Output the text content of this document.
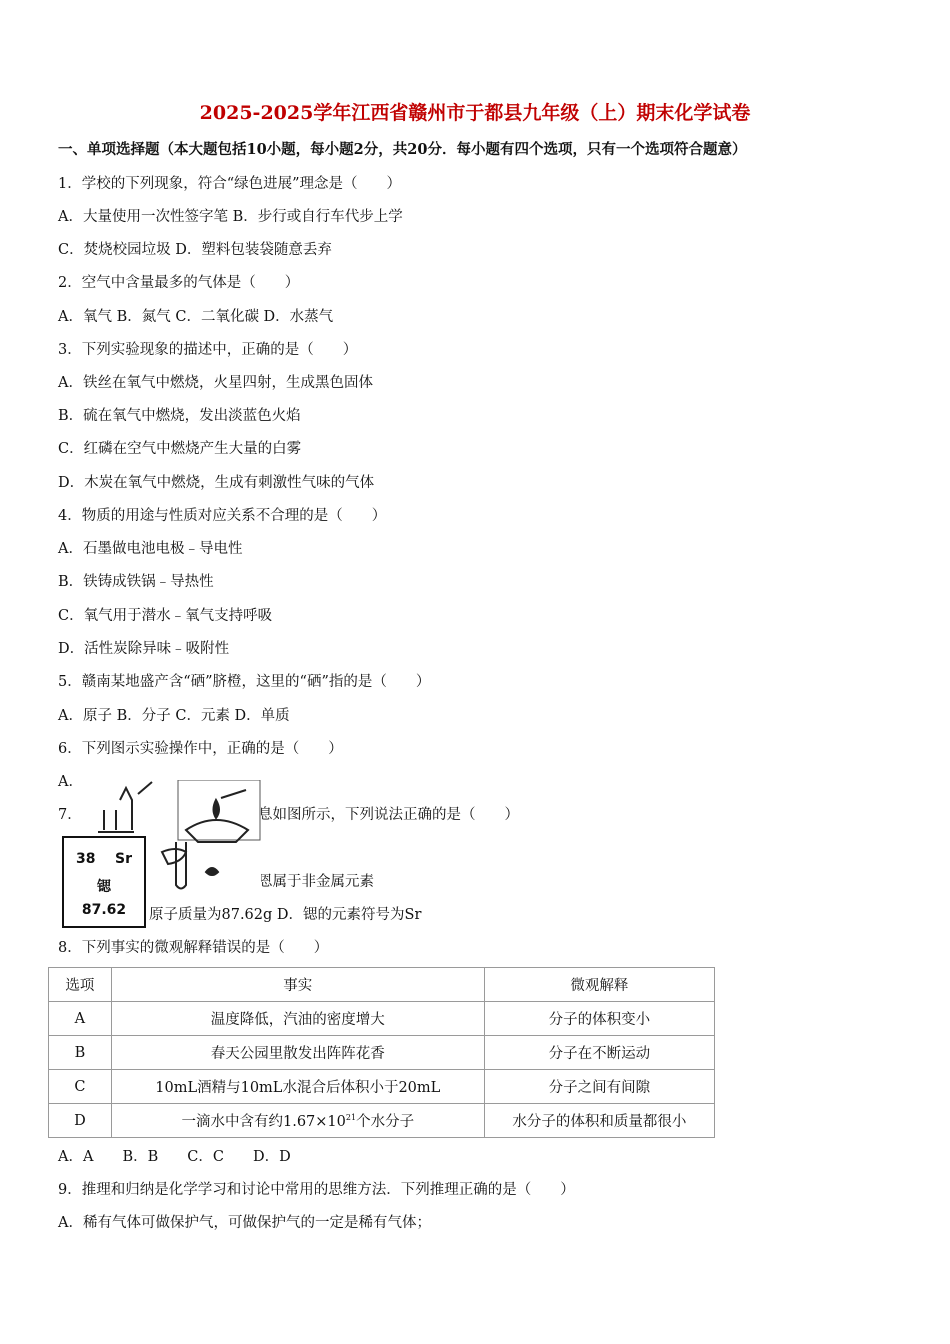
2025-2025学年江西省赣州市于都县九年级（上）期末化学试卷
一、单项选择题（本大题包括10小题，每小题2分，共20分．每小题有四个选项，只有一个选项符合题意）
1．学校的下列现象，符合“绿色进展”理念是（　　）
A．大量使用一次性签字笔 B．步行或自行车代步上学
C．焚烧校园垃圾 D．塑料包装袋随意丢弃
2．空气中含量最多的气体是（　　）
A．氧气 B．氮气 C．二氧化碳 D．水蒸气
3．下列实验现象的描述中，正确的是（　　）
A．铁丝在氧气中燃烧，火星四射，生成黑色固体
B．硫在氧气中燃烧，发出淡蓝色火焰
C．红磷在空气中燃烧产生大量的白雾
D．木炭在氧气中燃烧，生成有刺激性气味的气体
4．物质的用途与性质对应关系不合理的是（　　）
A．石墨做电池电极﹣导电性
B．铁铸成铁锅﹣导热性
C．氧气用于潜水﹣氧气支持呼吸
D．活性炭除异味﹣吸附性
5．赣南某地盛产含“硒”脐橙，这里的“硒”指的是（　　）
A．原子 B．分子 C．元素 D．单质
6．下列图示实验操作中，正确的是（　　）
A．
7．	息如图所示，下列说法正确的是（　　）
恩属于非金属元素
原子质量为87.62g D．锶的元素符号为Sr
8．下列事实的微观解释错误的是（　　）
38 Sr
锶
87.62
选项	事实	微观解释
A	温度降低，汽油的密度增大	分子的体积变小
B	春天公园里散发出阵阵花香	分子在不断运动
C	10mL酒精与10mL水混合后体积小于20mL	分子之间有间隙
D	一滴水中含有约$1.67\times 10^{21}$个水分子	水分子的体积和质量都很小
A．A　　B．B　　C．C　　D．D
9．推理和归纳是化学学习和讨论中常用的思维方法．下列推理正确的是（　　）
A．稀有气体可做保护气，可做保护气的一定是稀有气体；
